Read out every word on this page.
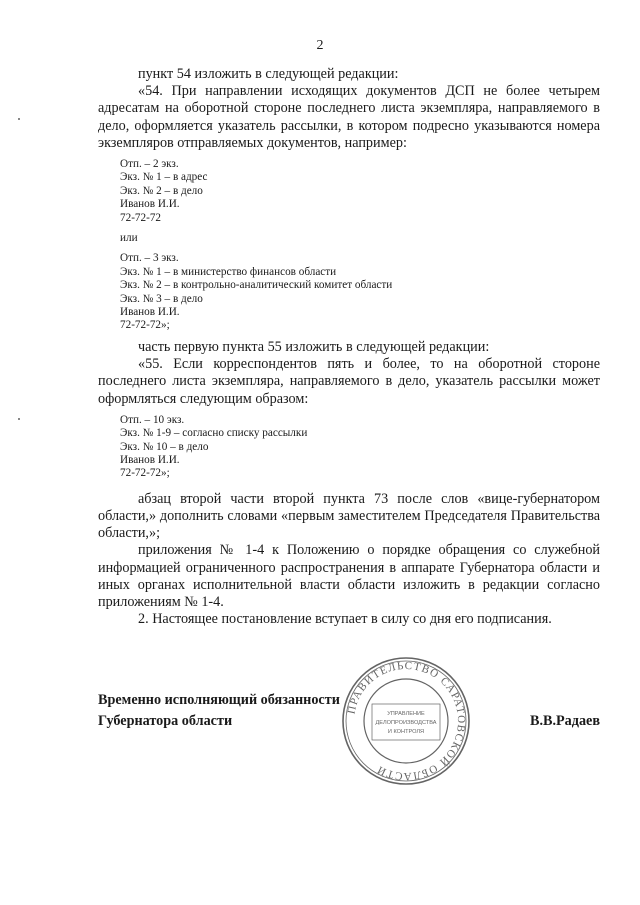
2

пункт 54 изложить в следующей редакции:

«54. При направлении исходящих документов ДСП не более четырем адресатам на оборотной стороне последнего листа экземпляра, направляемого в дело, оформляется указатель рассылки, в котором подресно указываются номера экземпляров отправляемых документов, например:

Отп. – 2 экз.
Экз. № 1 – в адрес
Экз. № 2 – в дело
Иванов И.И.
72-72-72
или
Отп. – 3 экз.
Экз. № 1 – в министерство финансов области
Экз. № 2 – в контрольно-аналитический комитет области
Экз. № 3 – в дело
Иванов И.И.
72-72-72»;

часть первую пункта 55 изложить в следующей редакции:

«55. Если корреспондентов пять и более, то на оборотной стороне последнего листа экземпляра, направляемого в дело, указатель рассылки может оформляться следующим образом:

Отп. – 10 экз.
Экз. № 1-9 – согласно списку рассылки
Экз. № 10 – в дело
Иванов И.И.
72-72-72»;

абзац второй части второй пункта 73 после слов «вице-губернатором области,» дополнить словами «первым заместителем Председателя Правительства области,»;

приложения № 1-4 к Положению о порядке обращения со служебной информацией ограниченного распространения в аппарате Губернатора области и иных органах исполнительной власти области изложить в редакции согласно приложениям № 1-4.

2. Настоящее постановление вступает в силу со дня его подписания.

Временно исполняющий обязанности
Губернатора области	В.В.Радаев
ПРАВИТЕЛЬСТВО САРАТОВСКОЙ ОБЛАСТИ
УПРАВЛЕНИЕ
ДЕЛОПРОИЗВОДСТВА
И КОНТРОЛЯ
